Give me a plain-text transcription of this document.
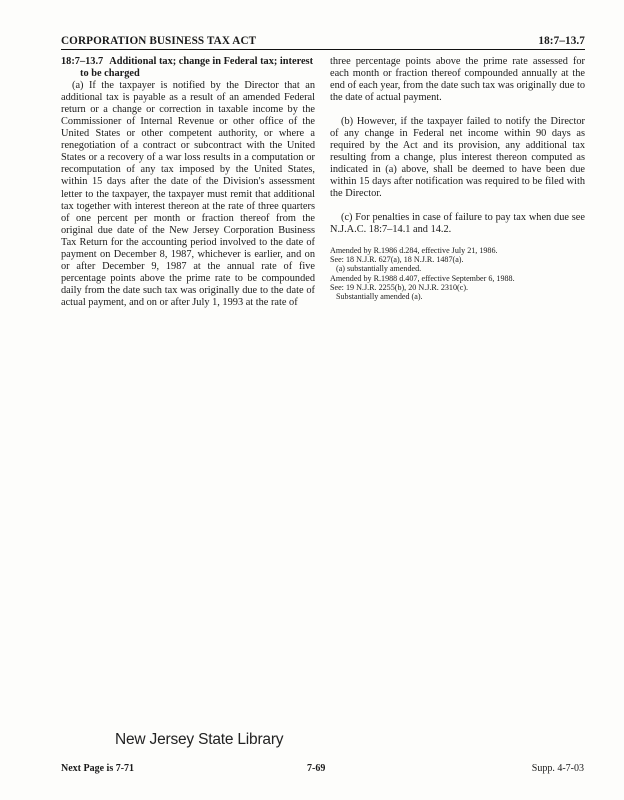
CORPORATION BUSINESS TAX ACT	18:7–13.7
18:7–13.7 Additional tax; change in Federal tax; interest
to be charged

(a) If the taxpayer is notified by the Director that an additional tax is payable as a result of an amended Federal return or a change or correction in taxable income by the Commissioner of Internal Revenue or other office of the United States or other competent authority, or where a renegotiation of a contract or subcontract with the United States or a recovery of a war loss results in a computation or recomputation of any tax imposed by the United States, within 15 days after the date of the Division's assessment letter to the taxpayer, the taxpayer must remit that additional tax together with interest thereon at the rate of three quarters of one percent per month or fraction thereof from the original due date of the New Jersey Corporation Business Tax Return for the accounting period involved to the date of payment on December 8, 1987, whichever is earlier, and on or after December 9, 1987 at the annual rate of five percentage points above the prime rate to be compounded daily from the date such tax was originally due to the date of actual payment, and on or after July 1, 1993 at the rate of

three percentage points above the prime rate assessed for each month or fraction thereof compounded annually at the end of each year, from the date such tax was originally due to the date of actual payment.

(b) However, if the taxpayer failed to notify the Director of any change in Federal net income within 90 days as required by the Act and its provision, any additional tax resulting from a change, plus interest thereon computed as indicated in (a) above, shall be deemed to have been due within 15 days after notification was required to be filed with the Director.

(c) For penalties in case of failure to pay tax when due see N.J.A.C. 18:7–14.1 and 14.2.

Amended by R.1986 d.284, effective July 21, 1986.
See: 18 N.J.R. 627(a), 18 N.J.R. 1487(a).
(a) substantially amended.
Amended by R.1988 d.407, effective September 6, 1988.
See: 19 N.J.R. 2255(b), 20 N.J.R. 2310(c).
Substantially amended (a).
New Jersey State Library
Next Page is 7-71	7-69	Supp. 4-7-03
